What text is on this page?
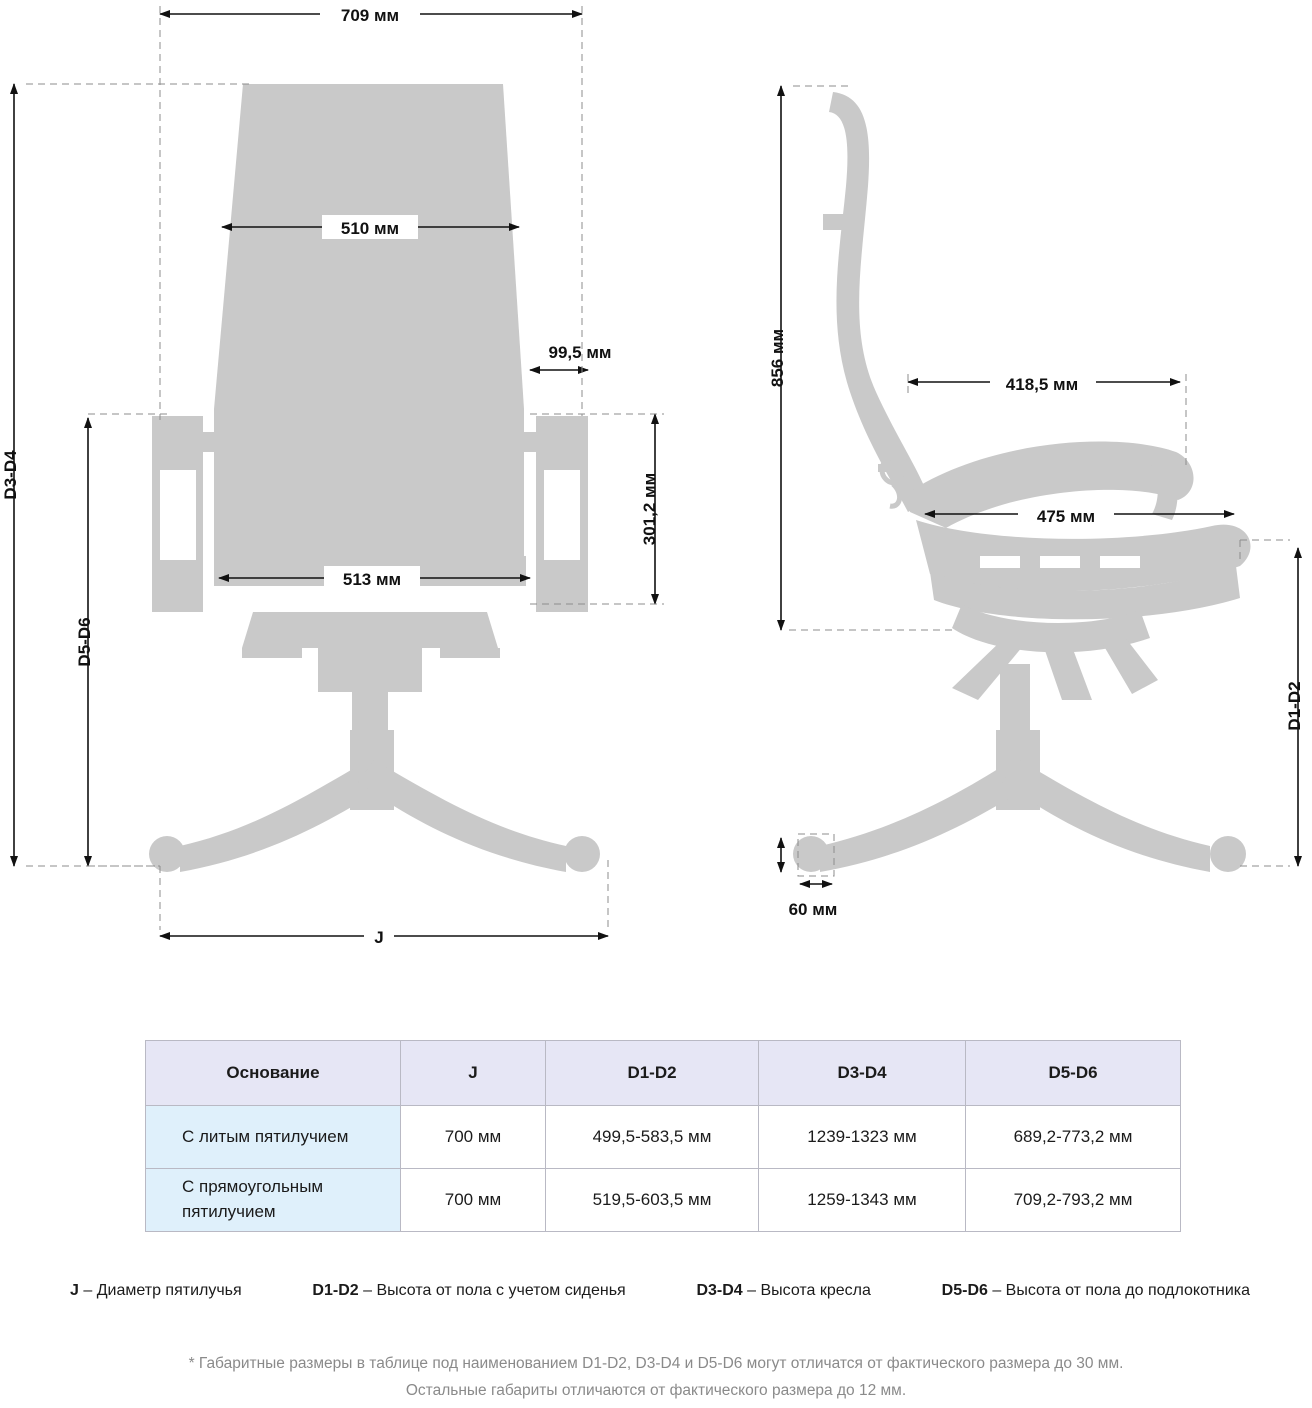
709 мм
510 мм
99,5 мм
513 мм
301,2 мм
D3-D4
D5-D6
J
856 мм	418,5 мм
475 мм
D1-D2
60 мм
Основание	J	D1-D2	D3-D4	D5-D6
С литым пятилучием	700 мм	499,5-583,5 мм	1239-1323 мм	689,2-773,2 мм
С прямоугольным пятилучием	700 мм	519,5-603,5 мм	1259-1343 мм	709,2-793,2 мм
J – Диаметр пятилучья	D1-D2 – Высота от пола с учетом сиденья	D3-D4 – Высота кресла	D5-D6 – Высота от пола до подлокотника
* Габаритные размеры в таблице под наименованием D1-D2, D3-D4 и D5-D6 могут отличатся от фактического размера до 30 мм.
Остальные габариты отличаются от фактического размера до 12 мм.
